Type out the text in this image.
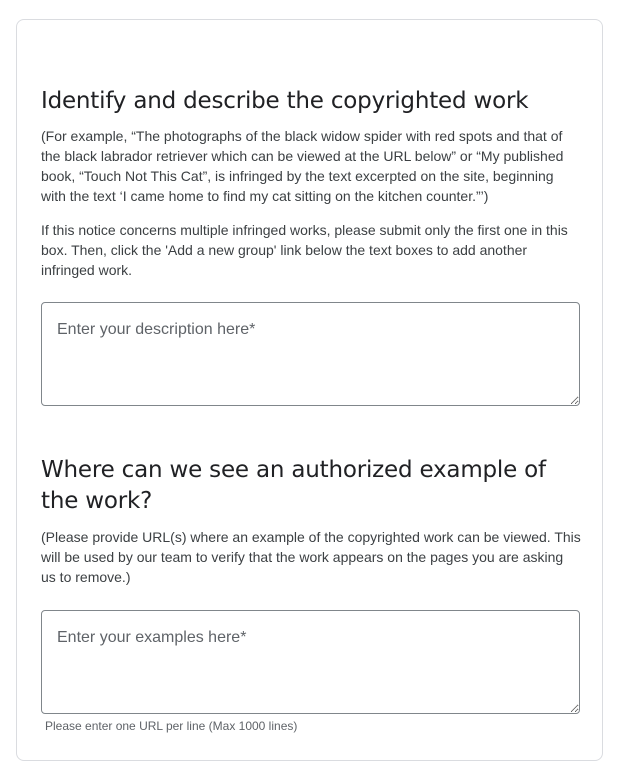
Identify and describe the copyrighted work

(For example, “The photographs of the black widow spider with red spots and that of the black labrador retriever which can be viewed at the URL below” or “My published book, “Touch Not This Cat”, is infringed by the text excerpted on the site, beginning with the text ‘I came home to find my cat sitting on the kitchen counter.”’)

If this notice concerns multiple infringed works, please submit only the first one in this box. Then, click the 'Add a new group' link below the text boxes to add another infringed work.

Enter your description here*
Where can we see an authorized example of the work?

(Please provide URL(s) where an example of the copyrighted work can be viewed. This will be used by our team to verify that the work appears on the pages you are asking us to remove.)

Enter your examples here*
Please enter one URL per line (Max 1000 lines)
